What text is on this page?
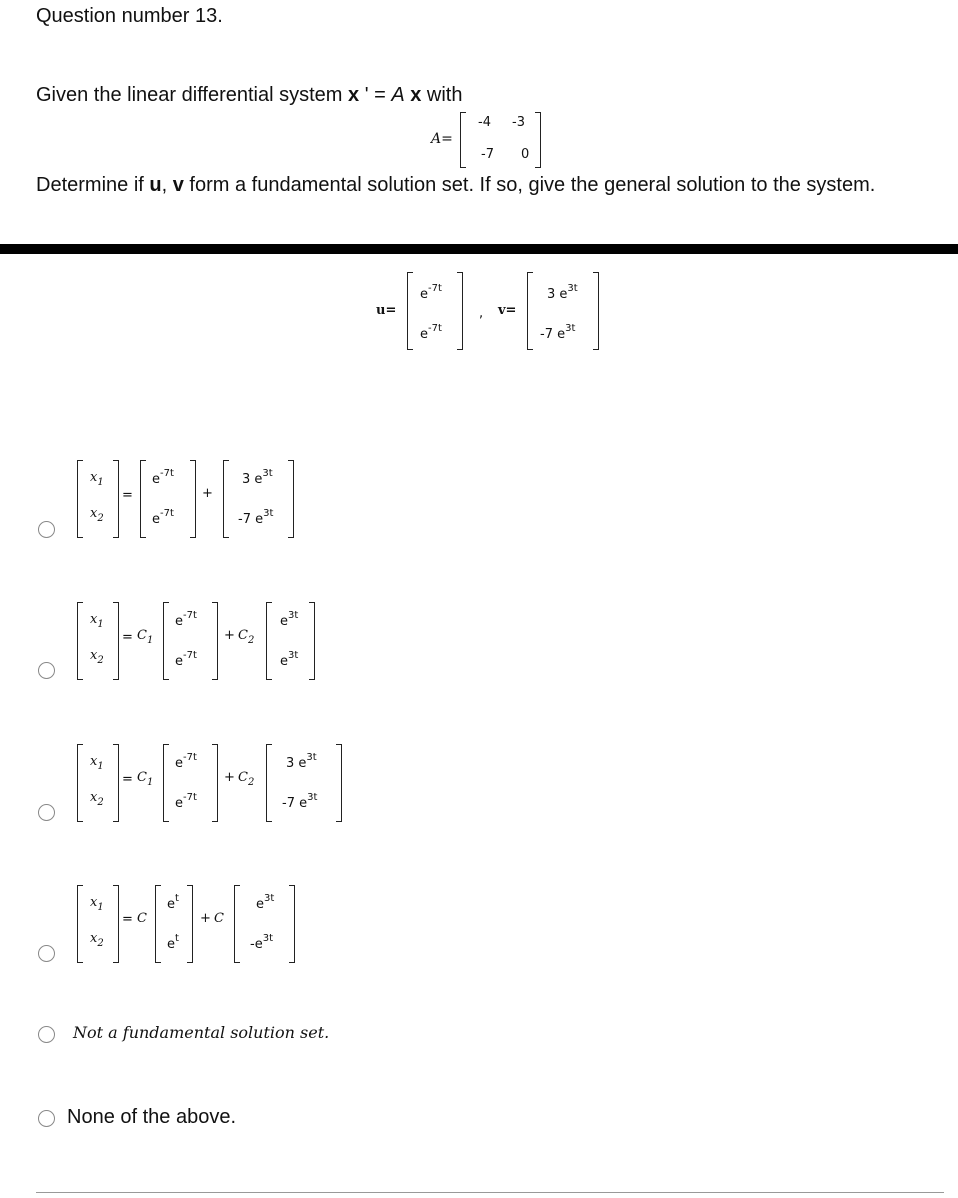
Question number 13.
Given the linear differential system x ' = A x with
A=
-4 -3
-7 0
Determine if u, v form a fundamental solution set. If so, give the general solution to the system.
u=
$e^{-7t}$
$e^{-7t}$
, v=
3 $e^{3t}$
-7 $e^{3t}$
$x_1$
$x_2$
=
$e^{-7t}$
$e^{-7t}$
+
3 $e^{3t}$
-7 $e^{3t}$
$x_1$
$x_2$
= $C_1$
$e^{-7t}$
$e^{-7t}$
+ $C_2$
$e^{3t}$
$e^{3t}$
$x_1$
$x_2$
= $C_1$
$e^{-7t}$
$e^{-7t}$
+ $C_2$
3 $e^{3t}$
-7 $e^{3t}$
$x_1$
$x_2$
= C
$e^t$
$e^t$
+ C
$e^{3t}$
$-e^{3t}$
Not a fundamental solution set.
None of the above.
